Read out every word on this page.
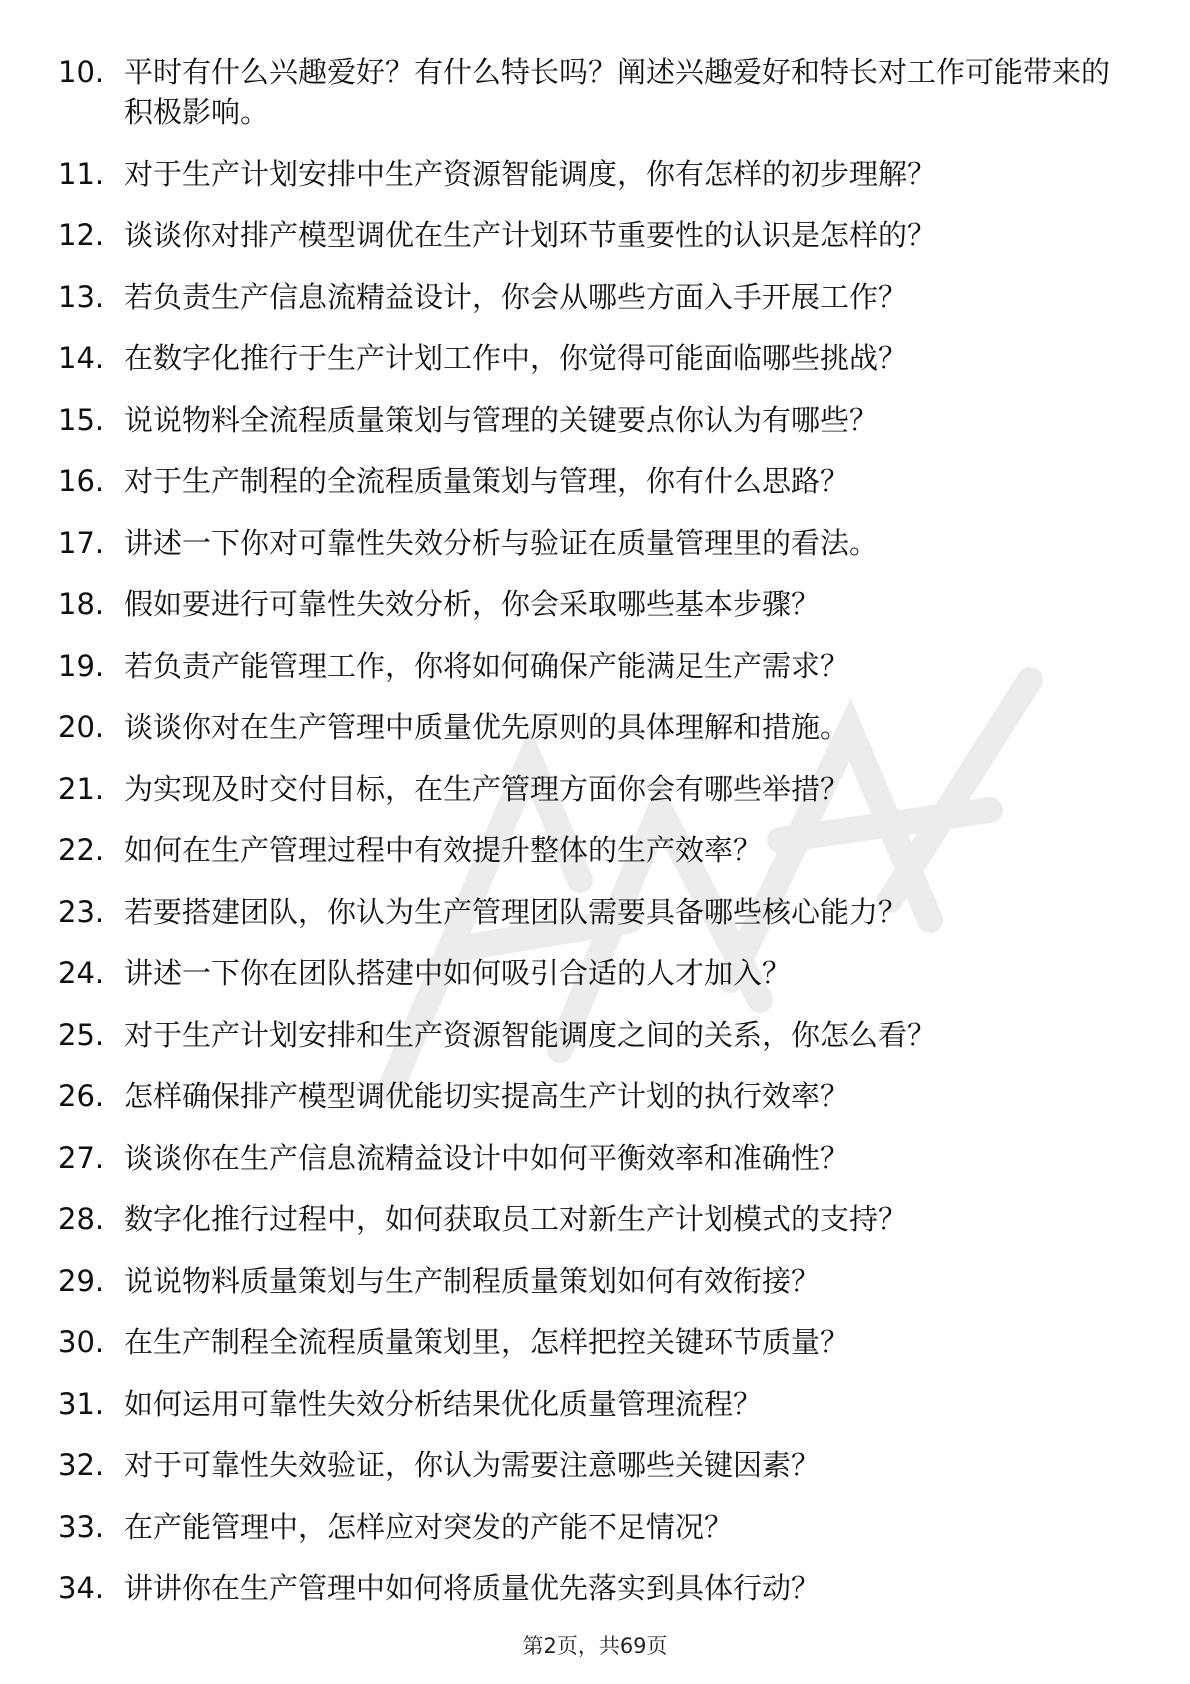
10. 平时有什么兴趣爱好？有什么特长吗？阐述兴趣爱好和特长对工作可能带来的积极影响。
11. 对于生产计划安排中生产资源智能调度，你有怎样的初步理解？
12. 谈谈你对排产模型调优在生产计划环节重要性的认识是怎样的？
13. 若负责生产信息流精益设计，你会从哪些方面入手开展工作？
14. 在数字化推行于生产计划工作中，你觉得可能面临哪些挑战？
15. 说说物料全流程质量策划与管理的关键要点你认为有哪些？
16. 对于生产制程的全流程质量策划与管理，你有什么思路？
17. 讲述一下你对可靠性失效分析与验证在质量管理里的看法。
18. 假如要进行可靠性失效分析，你会采取哪些基本步骤？
19. 若负责产能管理工作，你将如何确保产能满足生产需求？
20. 谈谈你对在生产管理中质量优先原则的具体理解和措施。
21. 为实现及时交付目标，在生产管理方面你会有哪些举措？
22. 如何在生产管理过程中有效提升整体的生产效率？
23. 若要搭建团队，你认为生产管理团队需要具备哪些核心能力？
24. 讲述一下你在团队搭建中如何吸引合适的人才加入？
25. 对于生产计划安排和生产资源智能调度之间的关系，你怎么看？
26. 怎样确保排产模型调优能切实提高生产计划的执行效率？
27. 谈谈你在生产信息流精益设计中如何平衡效率和准确性？
28. 数字化推行过程中，如何获取员工对新生产计划模式的支持？
29. 说说物料质量策划与生产制程质量策划如何有效衔接？
30. 在生产制程全流程质量策划里，怎样把控关键环节质量？
31. 如何运用可靠性失效分析结果优化质量管理流程？
32. 对于可靠性失效验证，你认为需要注意哪些关键因素？
33. 在产能管理中，怎样应对突发的产能不足情况？
34. 讲讲你在生产管理中如何将质量优先落实到具体行动？
第2页，共69页
